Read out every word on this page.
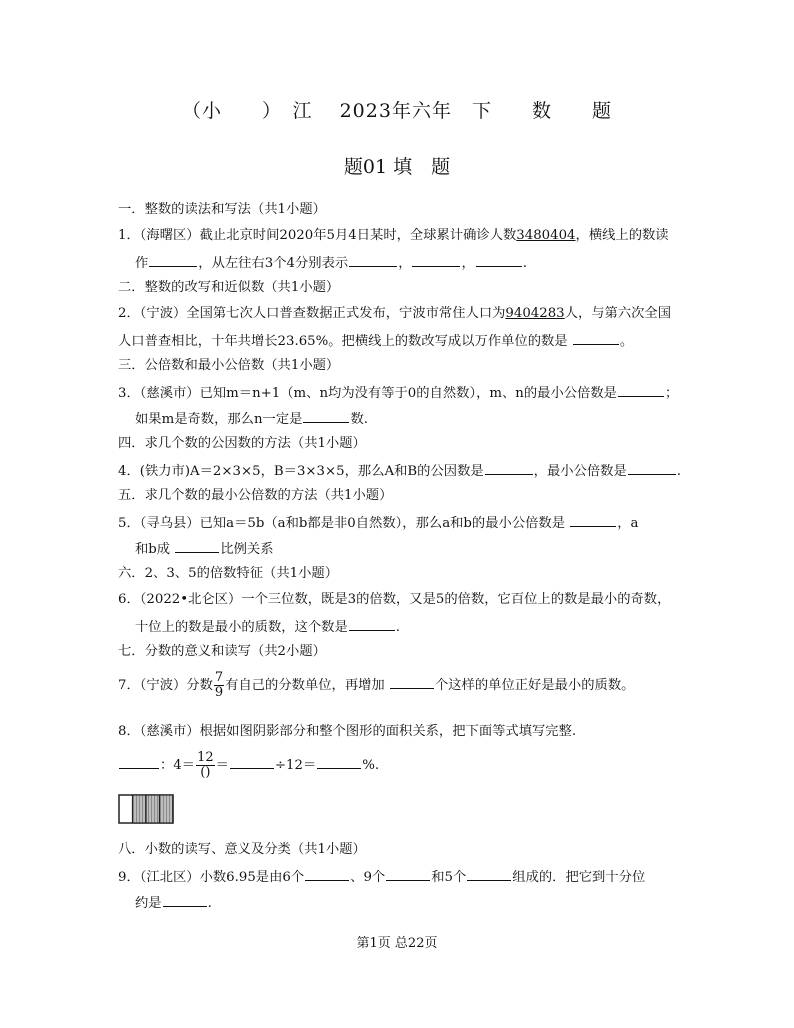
（小　　）　江　 2023年六年　下　　数　　题
题01 填　题
一．整数的读法和写法（共1小题）
1．（海曙区）截止北京时间2020年5月4日某时，全球累计确诊人数3480404，横线上的数读
作	，从左往右3个4分别表示	，	，	.
二．整数的改写和近似数（共1小题）
2．（宁波）全国第七次人口普查数据正式发布，宁波市常住人口为9404283人，与第六次全国
人口普查相比，十年共增长23.65%。把横线上的数改写成以万作单位的数是	。
三．公倍数和最小公倍数（共1小题）
3．（慈溪市）已知m＝n+1（m、n均为没有等于0的自然数），m、n的最小公倍数是	；
如果m是奇数，那么n一定是	数.
四．求几个数的公因数的方法（共1小题）
4．(铁力市)A＝2×3×5，B＝3×3×5，那么A和B的公因数是	，最小公倍数是	.
五．求几个数的最小公倍数的方法（共1小题）
5．（寻乌县）已知a＝5b（a和b都是非0自然数），那么a和b的最小公倍数是	，a
和b成	比例关系
六．2、3、5的倍数特征（共1小题）
6．（2022•北仑区）一个三位数，既是3的倍数，又是5的倍数，它百位上的数是最小的奇数，
十位上的数是最小的质数，这个数是	.
七．分数的意义和读写（共2小题）
7．（宁波）分数 $\frac{7}{9}$ 有自己的分数单位，再增加	个这样的单位正好是最小的质数。
8．（慈溪市）根据如图阴影部分和整个图形的面积关系，把下面等式填写完整.
：$4= \frac{12}{()}$ ＝	÷12＝	%.
八．小数的读写、意义及分类（共1小题）
9．（江北区）小数6.95是由6个	、9个	和5个	组成的．把它到十分位
约是	.
第1页 总22页
